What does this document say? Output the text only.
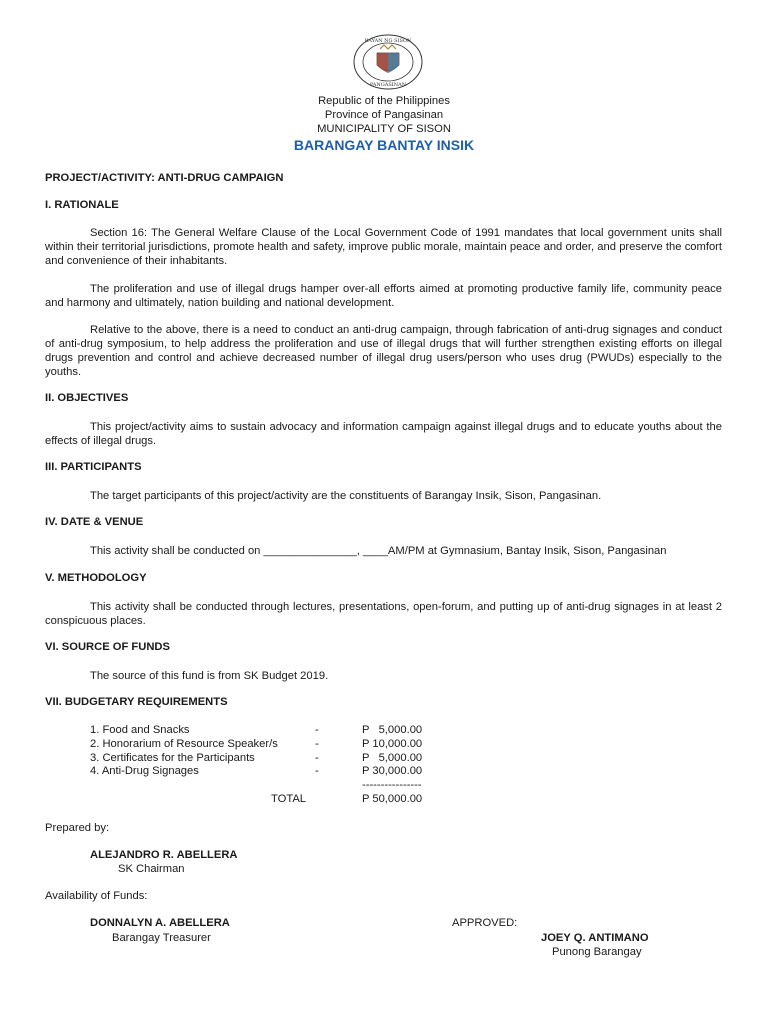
BAYAN NG SISON
PANGASINAN
Republic of the Philippines
Province of Pangasinan
MUNICIPALITY OF SISON
BARANGAY BANTAY INSIK
PROJECT/ACTIVITY: ANTI-DRUG CAMPAIGN
I. RATIONALE
Section 16: The General Welfare Clause of the Local Government Code of 1991 mandates that local government units shall within their territorial jurisdictions, promote health and safety, improve public morale, maintain peace and order, and preserve the comfort and convenience of their inhabitants.
The proliferation and use of illegal drugs hamper over-all efforts aimed at promoting productive family life, community peace and harmony and ultimately, nation building and national development.
Relative to the above, there is a need to conduct an anti-drug campaign, through fabrication of anti-drug signages and conduct of anti-drug symposium, to help address the proliferation and use of illegal drugs that will further strengthen existing efforts on illegal drugs prevention and control and achieve decreased number of illegal drug users/person who uses drug (PWUDs) especially to the youths.
II. OBJECTIVES
This project/activity aims to sustain advocacy and information campaign against illegal drugs and to educate youths about the effects of illegal drugs.
III. PARTICIPANTS
The target participants of this project/activity are the constituents of Barangay Insik, Sison, Pangasinan.
IV. DATE & VENUE
This activity shall be conducted on _______________, ____AM/PM at Gymnasium, Bantay Insik, Sison, Pangasinan
V. METHODOLOGY
This activity shall be conducted through lectures, presentations, open-forum, and putting up of anti-drug signages in at least 2 conspicuous places.
VI. SOURCE OF FUNDS
The source of this fund is from SK Budget 2019.
VII. BUDGETARY REQUIREMENTS
1. Food and Snacks	-	P   5,000.00
2. Honorarium of Resource Speaker/s	-	P 10,000.00
3. Certificates for the Participants	-	P   5,000.00
4. Anti-Drug Signages	-	P 30,000.00
----------------
TOTAL	P 50,000.00
Prepared by:
ALEJANDRO R. ABELLERA
SK Chairman
Availability of Funds:
DONNALYN A. ABELLERA
Barangay Treasurer
APPROVED:
JOEY Q. ANTIMANO
Punong Barangay
